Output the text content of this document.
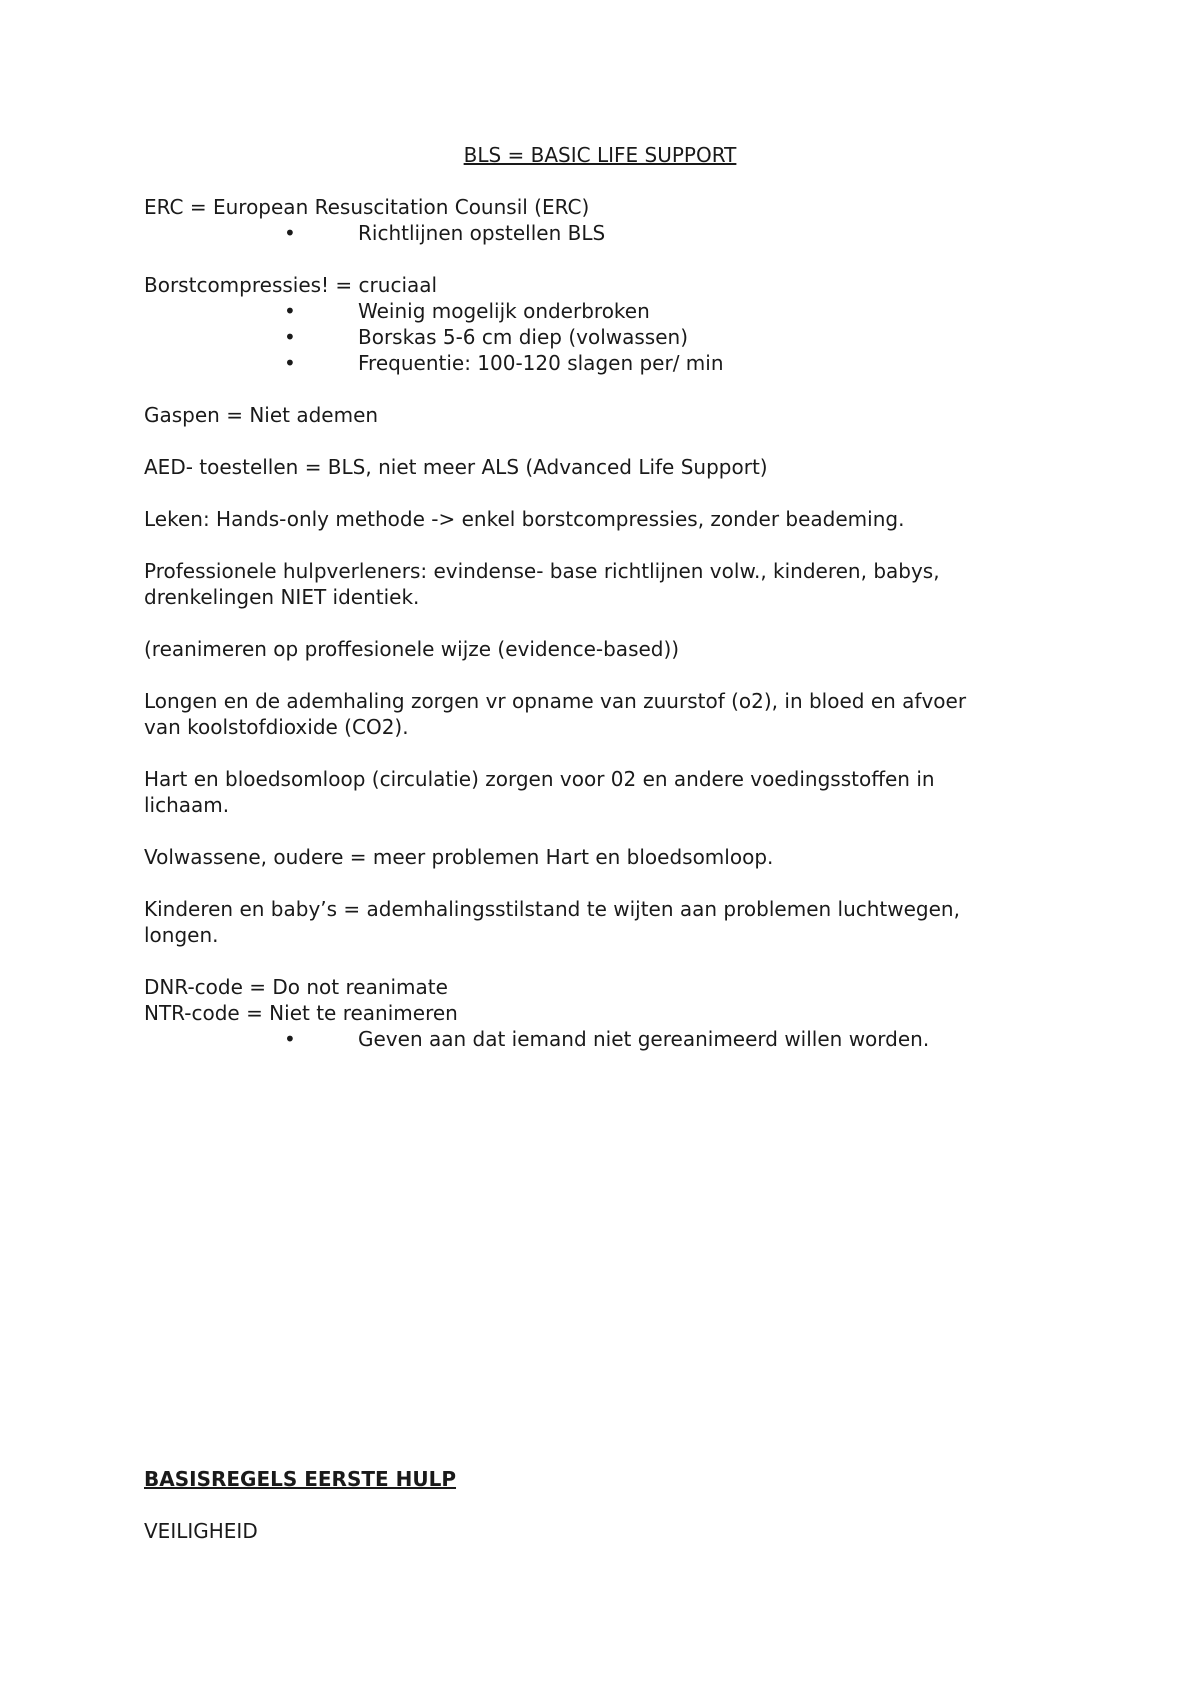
BLS = BASIC LIFE SUPPORT
ERC = European Resuscitation Counsil (ERC)
•	Richtlijnen opstellen BLS
Borstcompressies! = cruciaal
•	Weinig mogelijk onderbroken
•	Borskas 5-6 cm diep (volwassen)
•	Frequentie: 100-120 slagen per/ min
Gaspen = Niet ademen
AED- toestellen = BLS, niet meer ALS (Advanced Life Support)
Leken: Hands-only methode -> enkel borstcompressies, zonder beademing.
Professionele hulpverleners: evindense- base richtlijnen volw., kinderen, babys,
drenkelingen NIET identiek.
(reanimeren op proffesionele wijze (evidence-based))
Longen en de ademhaling zorgen vr opname van zuurstof (o2), in bloed en afvoer
van koolstofdioxide (CO2).
Hart en bloedsomloop (circulatie) zorgen voor 02 en andere voedingsstoffen in
lichaam.
Volwassene, oudere = meer problemen Hart en bloedsomloop.
Kinderen en baby’s = ademhalingsstilstand te wijten aan problemen luchtwegen,
longen.
DNR-code = Do not reanimate
NTR-code = Niet te reanimeren
•	Geven aan dat iemand niet gereanimeerd willen worden.
BASISREGELS EERSTE HULP
VEILIGHEID
